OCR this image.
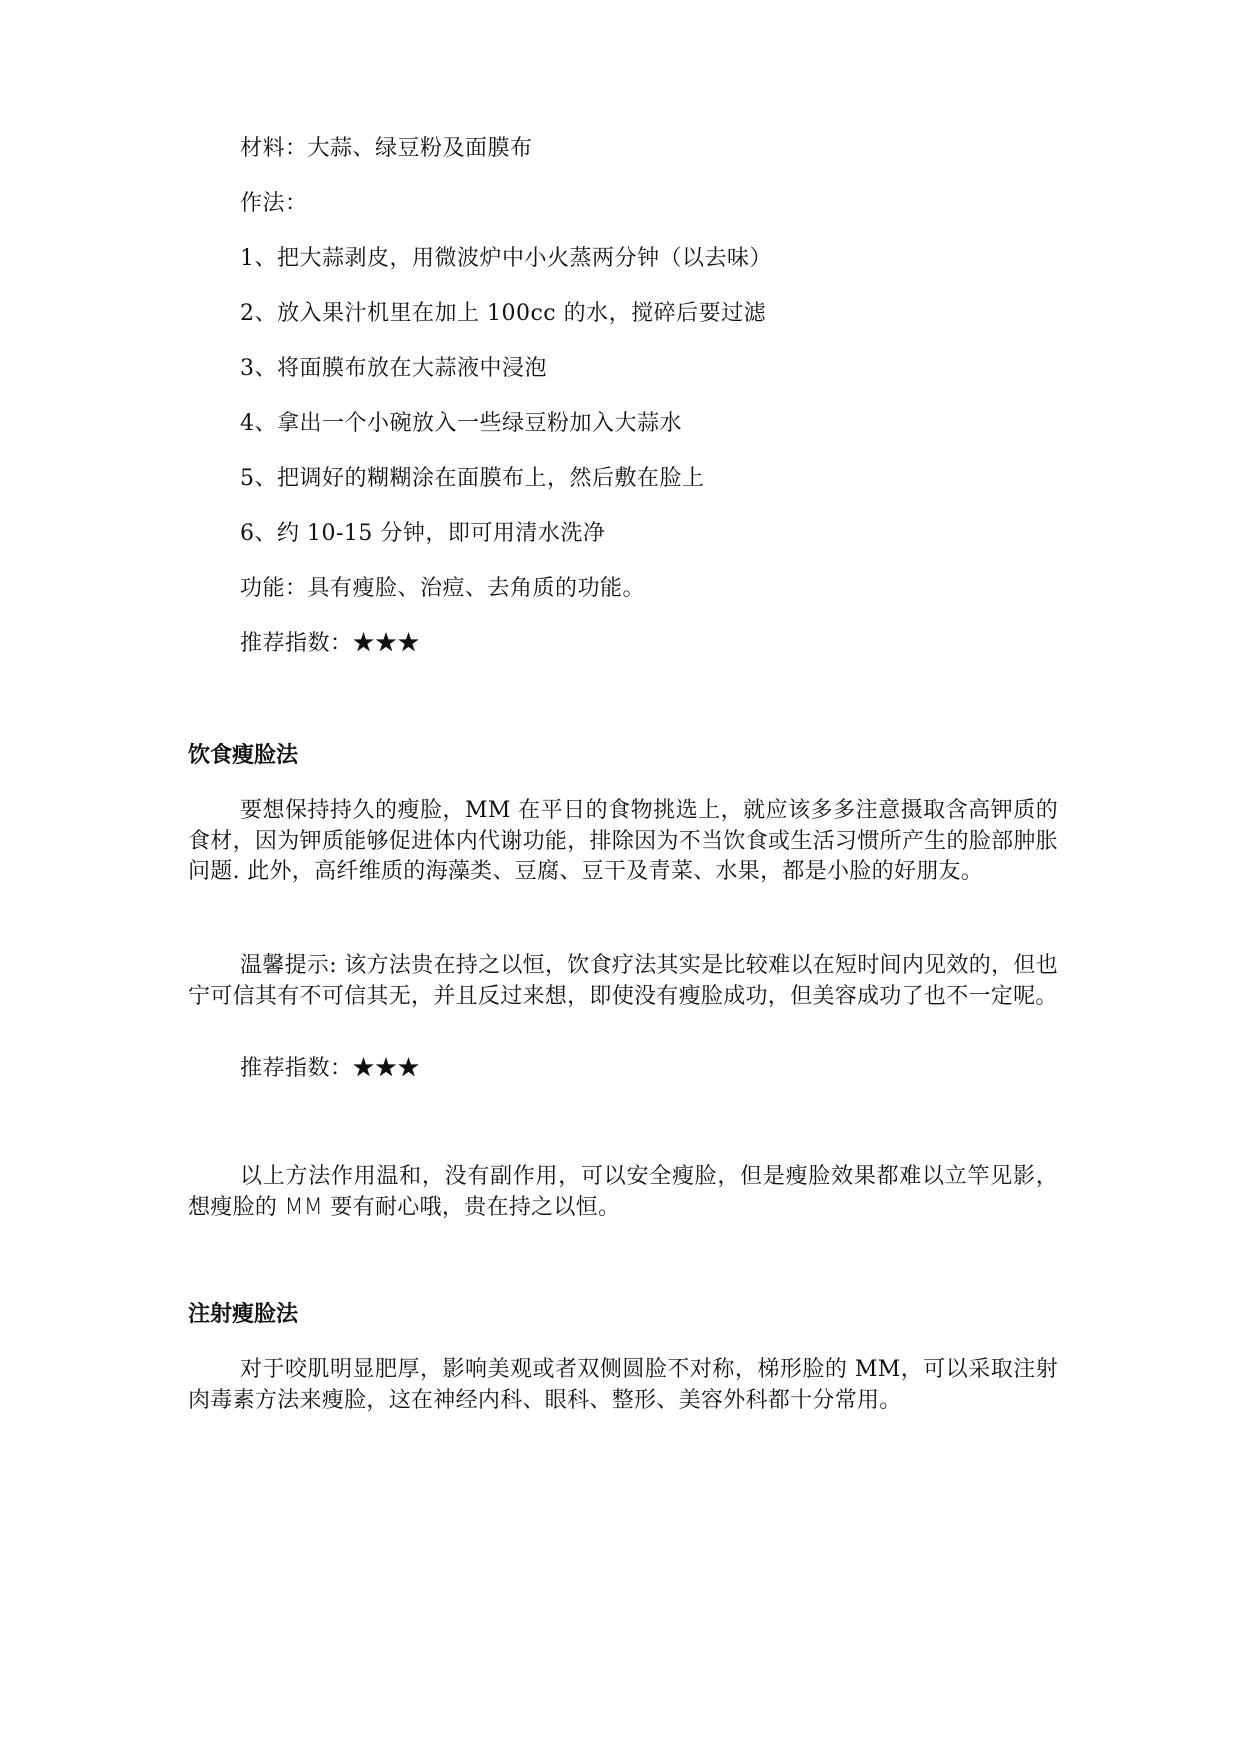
材料：大蒜、绿豆粉及面膜布
作法：
1、把大蒜剥皮，用微波炉中小火蒸两分钟（以去味）
2、放入果汁机里在加上 100cc 的水，搅碎后要过滤
3、将面膜布放在大蒜液中浸泡
4、拿出一个小碗放入一些绿豆粉加入大蒜水
5、把调好的糊糊涂在面膜布上，然后敷在脸上
6、约 10-15 分钟，即可用清水洗净
功能：具有瘦脸、治痘、去角质的功能。
推荐指数：★★★
饮食瘦脸法
要想保持持久的瘦脸，MM 在平日的食物挑选上，就应该多多注意摄取含高钾质的食材，因为钾质能够促进体内代谢功能，排除因为不当饮食或生活习惯所产生的脸部肿胀问题. 此外，高纤维质的海藻类、豆腐、豆干及青菜、水果，都是小脸的好朋友。
温馨提示: 该方法贵在持之以恒，饮食疗法其实是比较难以在短时间内见效的，但也宁可信其有不可信其无，并且反过来想，即使没有瘦脸成功，但美容成功了也不一定呢。
推荐指数：★★★
以上方法作用温和，没有副作用，可以安全瘦脸，但是瘦脸效果都难以立竿见影，想瘦脸的 MM 要有耐心哦，贵在持之以恒。
注射瘦脸法
对于咬肌明显肥厚，影响美观或者双侧圆脸不对称，梯形脸的 MM，可以采取注射肉毒素方法来瘦脸，这在神经内科、眼科、整形、美容外科都十分常用。
